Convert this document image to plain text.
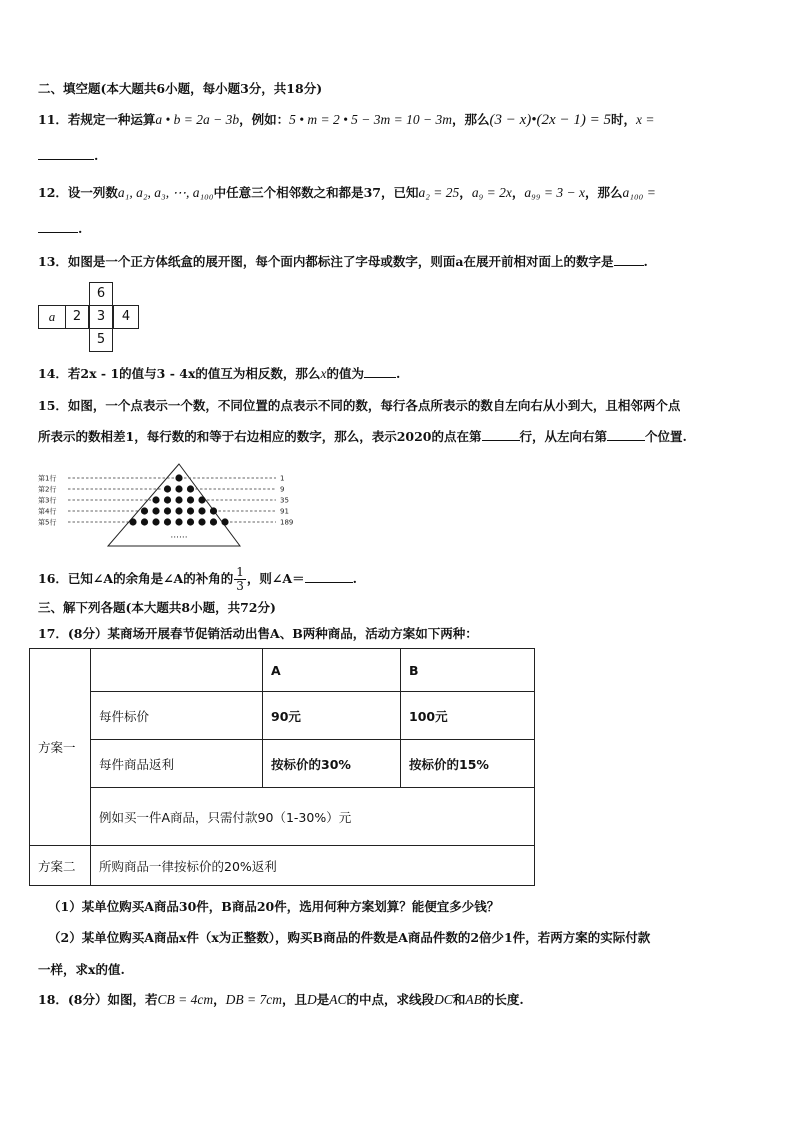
二、填空题(本大题共6小题，每小题3分，共18分)
11．若规定一种运算a • b = 2a − 3b，例如：5 • m = 2 • 5 − 3m = 10 − 3m，那么(3 − x)•(2x − 1) = 5时，x =
.
12．设一列数a₁, a₂, a₃, ⋯, a₁₀₀中任意三个相邻数之和都是37，已知a₂ = 25，a₉ = 2x，a₉₉ = 3 − x，那么a₁₀₀ =
.
13．如图是一个正方体纸盒的展开图，每个面内都标注了字母或数字，则面a在展开前相对面上的数字是 .
6
a	2	3	4
5
14．若2x - 1的值与3 - 4x的值互为相反数，那么x的值为	.
15．如图，一个点表示一个数，不同位置的点表示不同的数，每行各点所表示的数自左向右从小到大，且相邻两个点
所表示的数相差1，每行数的和等于右边相应的数字，那么，表示2020的点在第	行，从左向右第	个位置.
第1行	1
第2行	9
第3行	35
第4行	91
第5行	189
······
16．已知∠A的余角是∠A的补角的 $\frac{1}{3}$ ，则∠A＝	.
三、解下列各题(本大题共8小题，共72分)
17．(8分）某商场开展春节促销活动出售A、B两种商品，活动方案如下两种：
方案一		A	B
	每件标价	90元	100元
	每件商品返利	按标价的30%	按标价的15%
	例如买一件A商品，只需付款90（1-30%）元		
方案二	所购商品一律按标价的20%返利		
（1）某单位购买A商品30件，B商品20件，选用何种方案划算？能便宜多少钱？
（2）某单位购买A商品x件（x为正整数），购买B商品的件数是A商品件数的2倍少1件，若两方案的实际付款
一样，求x的值.
18．(8分）如图，若CB = 4cm，DB = 7cm，且D是AC的中点，求线段DC和AB的长度.
